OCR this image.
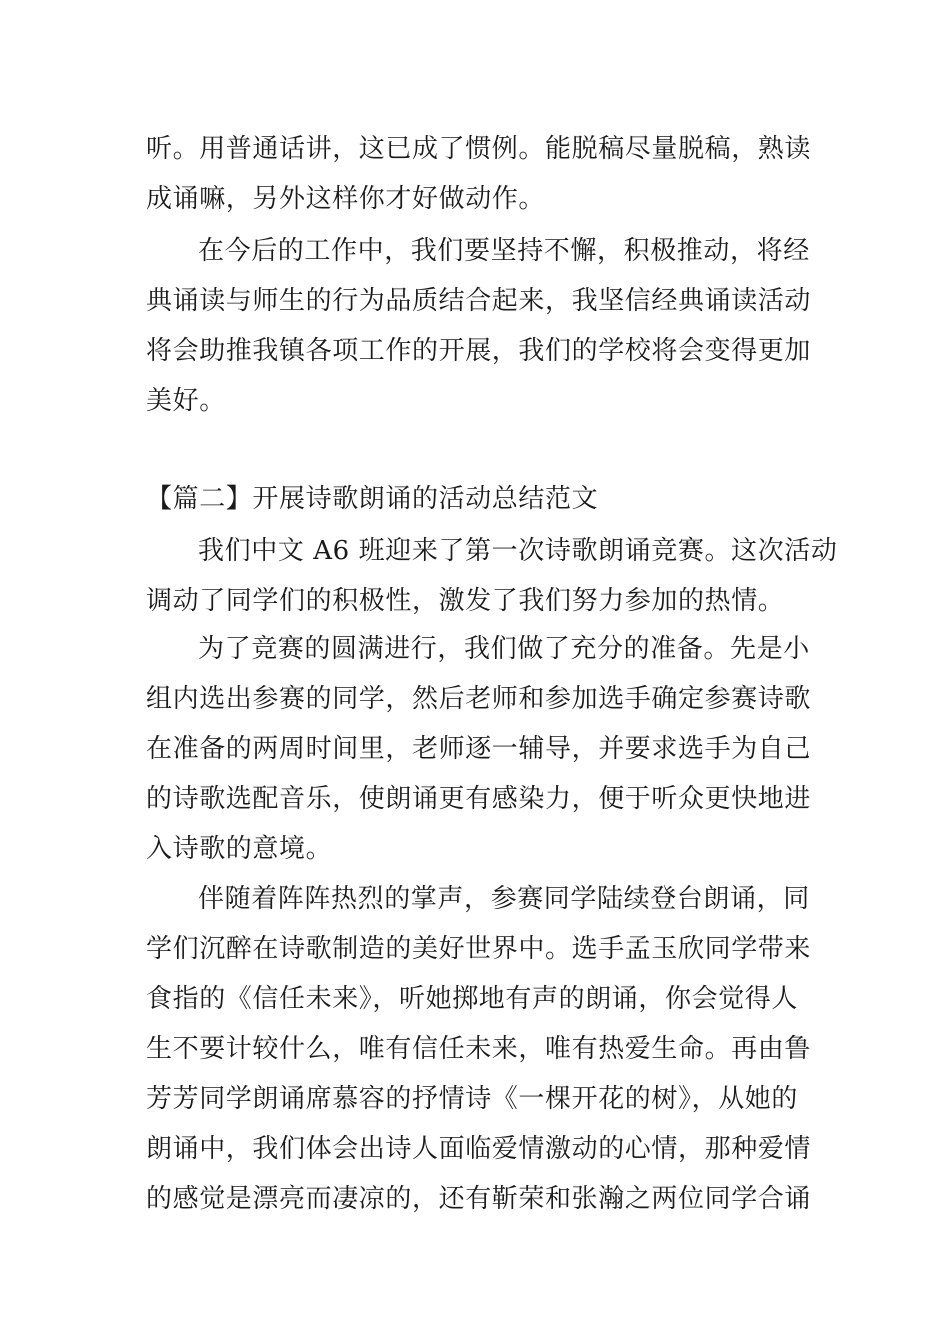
听。用普通话讲，这已成了惯例。能脱稿尽量脱稿，熟读
成诵嘛，另外这样你才好做动作。
在今后的工作中，我们要坚持不懈，积极推动，将经
典诵读与师生的行为品质结合起来，我坚信经典诵读活动
将会助推我镇各项工作的开展，我们的学校将会变得更加
美好。
【篇二】开展诗歌朗诵的活动总结范文
我们中文 A6 班迎来了第一次诗歌朗诵竞赛。这次活动
调动了同学们的积极性，激发了我们努力参加的热情。
为了竞赛的圆满进行，我们做了充分的准备。先是小
组内选出参赛的同学，然后老师和参加选手确定参赛诗歌
在准备的两周时间里，老师逐一辅导，并要求选手为自己
的诗歌选配音乐，使朗诵更有感染力，便于听众更快地进
入诗歌的意境。
伴随着阵阵热烈的掌声，参赛同学陆续登台朗诵，同
学们沉醉在诗歌制造的美好世界中。选手孟玉欣同学带来
食指的《信任未来》，听她掷地有声的朗诵，你会觉得人
生不要计较什么，唯有信任未来，唯有热爱生命。再由鲁
芳芳同学朗诵席慕容的抒情诗《一棵开花的树》，从她的
朗诵中，我们体会出诗人面临爱情激动的心情，那种爱情
的感觉是漂亮而凄凉的，还有靳荣和张瀚之两位同学合诵
